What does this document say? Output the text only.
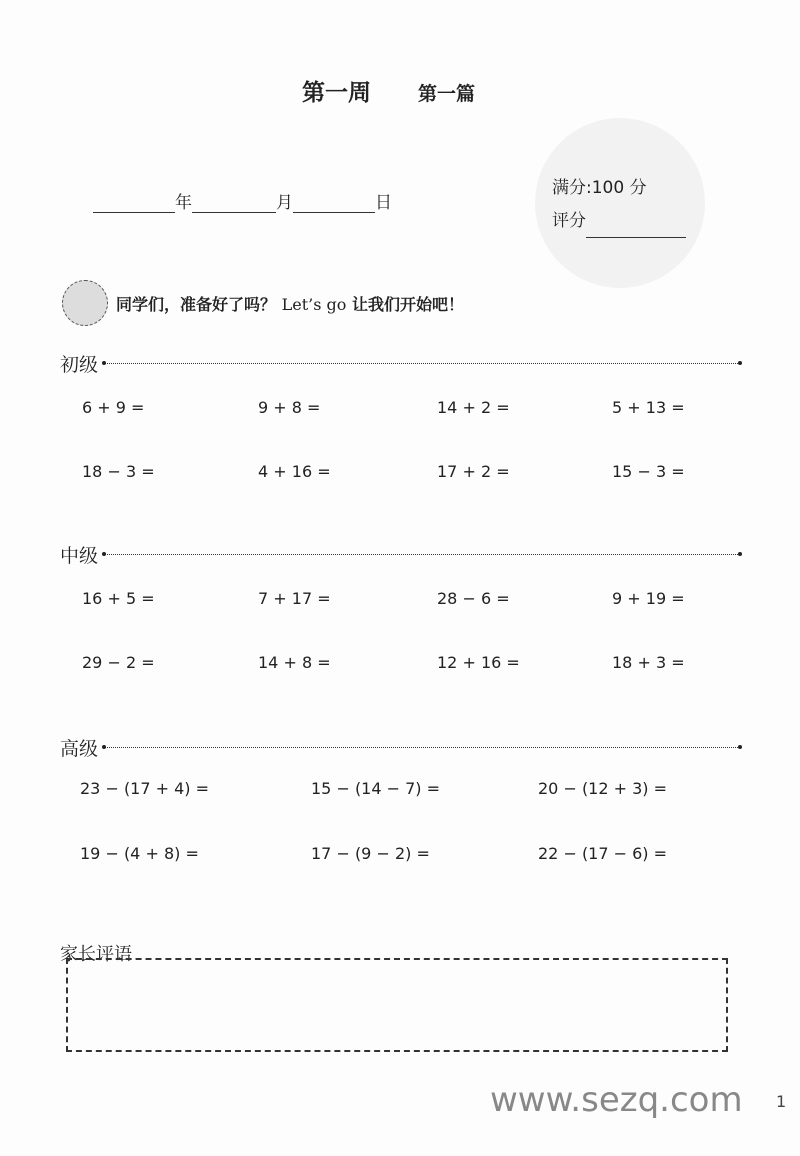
第一周 第一篇
年	月	日
满分:100 分
评分
同学们，准备好了吗？ Let’s go 让我们开始吧！
初级
6 + 9 =	9 + 8 =	14 + 2 =	5 + 13 =
18 − 3 =	4 + 16 =	17 + 2 =	15 − 3 =
中级
16 + 5 =	7 + 17 =	28 − 6 =	9 + 19 =
29 − 2 =	14 + 8 =	12 + 16 =	18 + 3 =
高级
23 − (17 + 4) =	15 − (14 − 7) =	20 − (12 + 3) =
19 − (4 + 8) =	17 − (9 − 2) =	22 − (17 − 6) =
家长评语
www.sezq.com 1
